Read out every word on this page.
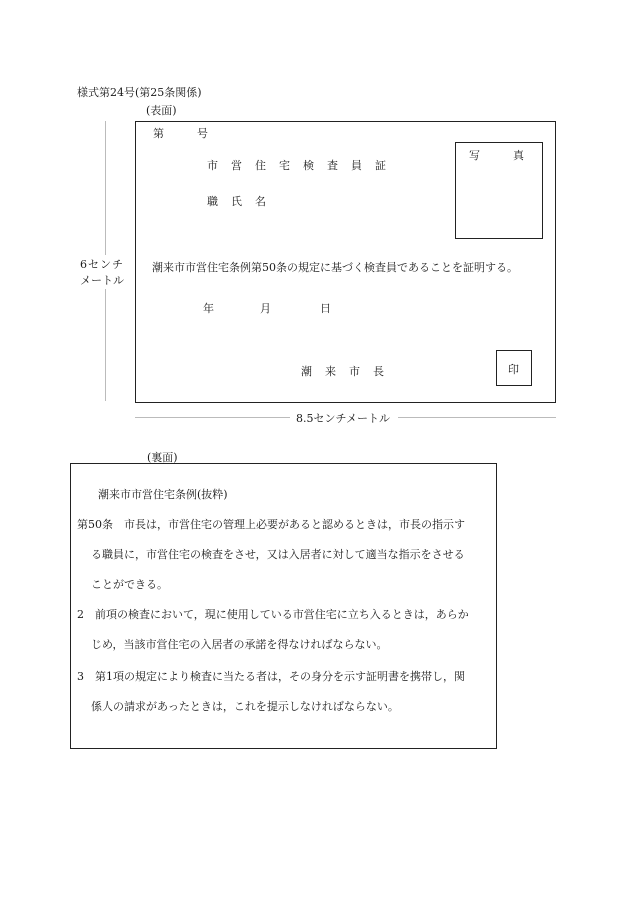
様式第24号(第25条関係)
(表面)
6センチ
メートル
第　　　号
市営住宅検査員証
職氏名
写　　　真
潮来市市営住宅条例第50条の規定に基づく検査員であることを証明する。
年	月	日
潮来市長	印
8.5センチメートル
(裏面)
潮来市市営住宅条例(抜粋)
第50条　市長は，市営住宅の管理上必要があると認めるときは，市長の指示す
る職員に，市営住宅の検査をさせ，又は入居者に対して適当な指示をさせる
ことができる。
2　前項の検査において，現に使用している市営住宅に立ち入るときは，あらか
じめ，当該市営住宅の入居者の承諾を得なければならない。
3　第1項の規定により検査に当たる者は，その身分を示す証明書を携帯し，関
係人の請求があったときは，これを提示しなければならない。
